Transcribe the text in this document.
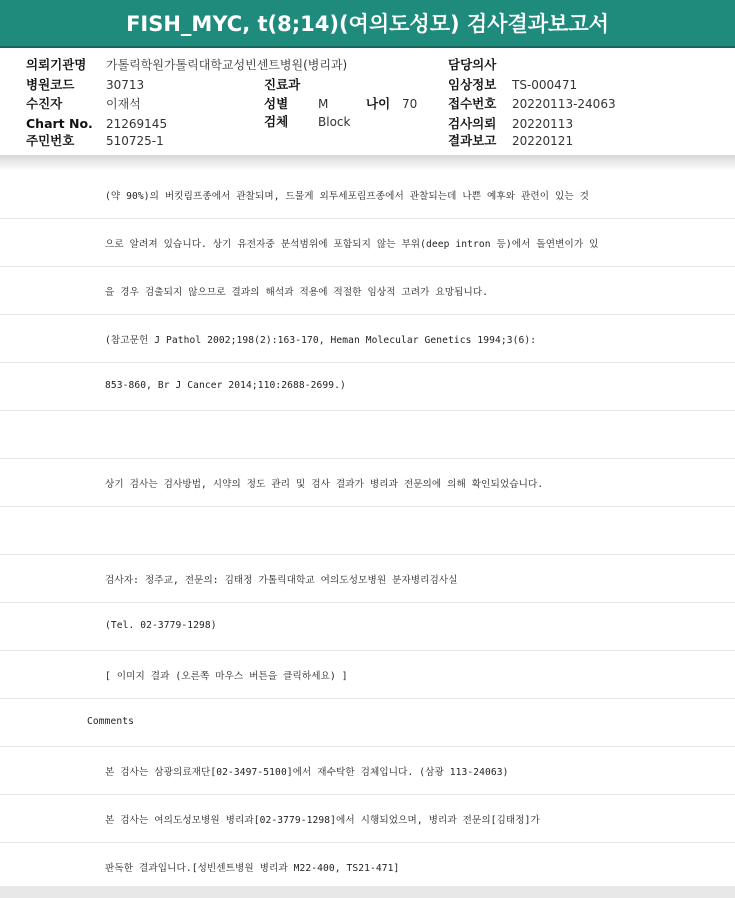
FISH_MYC, t(8;14)(여의도성모) 검사결과보고서
의뢰기관명 가톨릭학원가톨릭대학교성빈센트병원(병리과)
병원코드	30713
수진자	이재석
Chart No. 21269145
주민번호	510725-1
진료과
성별 M	나이 70
검체 Block
담당의사
임상정보 TS-000471
접수번호 20220113-24063
검사의뢰 20220113
결과보고 20220121
(약 90%)의 버킷림프종에서 관찰되며, 드물게 외투세포림프종에서 관찰되는데 나쁜 예후와 관련이 있는 것
으로 알려져 있습니다. 상기 유전자중 분석범위에 포함되지 않는 부위(deep intron 등)에서 돌연변이가 있
을 경우 검출되지 않으므로 결과의 해석과 적용에 적절한 임상적 고려가 요망됩니다.
(참고문헌 J Pathol 2002;198(2):163-170, Heman Molecular Genetics 1994;3(6):
853-860, Br J Cancer 2014;110:2688-2699.)
상기 검사는 검사방법, 시약의 정도 관리 및 검사 결과가 병리과 전문의에 의해 확인되었습니다.
검사자: 정주교, 전문의: 김태정 가톨릭대학교 여의도성모병원 분자병리검사실
(Tel. 02-3779-1298)
[ 이미지 결과 (오른쪽 마우스 버튼을 클릭하세요) ]
Comments
본 검사는 삼광의료재단[02-3497-5100]에서 재수탁한 검체입니다. (삼광 113-24063)
본 검사는 여의도성모병원 병리과[02-3779-1298]에서 시행되었으며, 병리과 전문의[김태정]가
판독한 결과입니다.[성빈센트병원 병리과 M22-400, TS21-471]
